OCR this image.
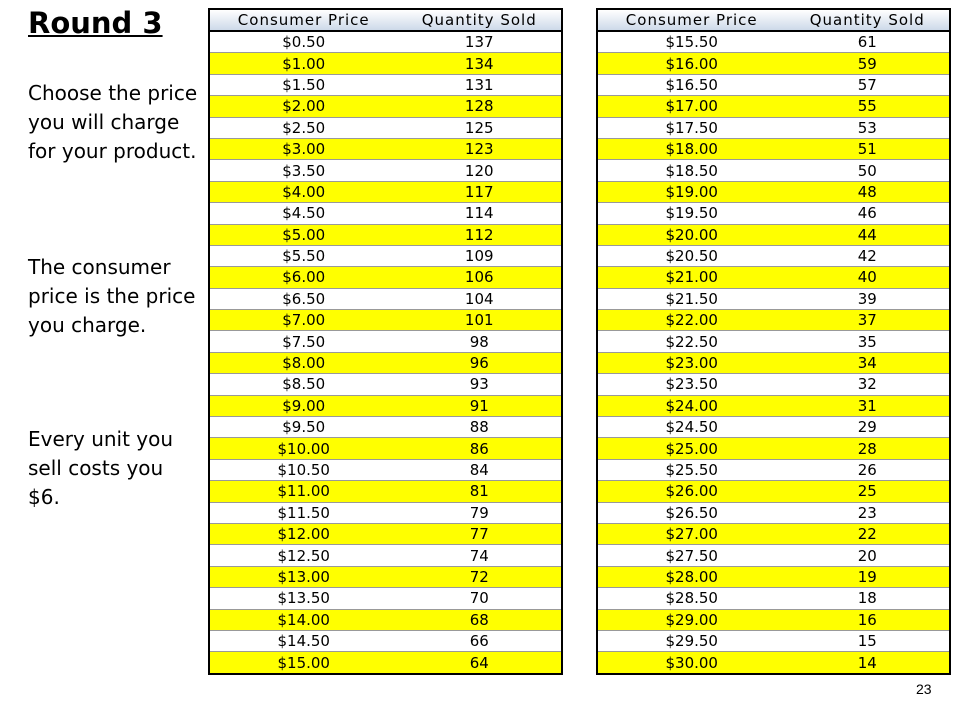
Round 3

Choose the price you will charge for your product.

The consumer price is the price you charge.

Every unit you sell costs you $6.

Consumer Price	Quantity Sold
$0.50	137
$1.00	134
$1.50	131
$2.00	128
$2.50	125
$3.00	123
$3.50	120
$4.00	117
$4.50	114
$5.00	112
$5.50	109
$6.00	106
$6.50	104
$7.00	101
$7.50	98
$8.00	96
$8.50	93
$9.00	91
$9.50	88
$10.00	86
$10.50	84
$11.00	81
$11.50	79
$12.00	77
$12.50	74
$13.00	72
$13.50	70
$14.00	68
$14.50	66
$15.00	64
Consumer Price	Quantity Sold
$15.50	61
$16.00	59
$16.50	57
$17.00	55
$17.50	53
$18.00	51
$18.50	50
$19.00	48
$19.50	46
$20.00	44
$20.50	42
$21.00	40
$21.50	39
$22.00	37
$22.50	35
$23.00	34
$23.50	32
$24.00	31
$24.50	29
$25.00	28
$25.50	26
$26.00	25
$26.50	23
$27.00	22
$27.50	20
$28.00	19
$28.50	18
$29.00	16
$29.50	15
$30.00	14
23
